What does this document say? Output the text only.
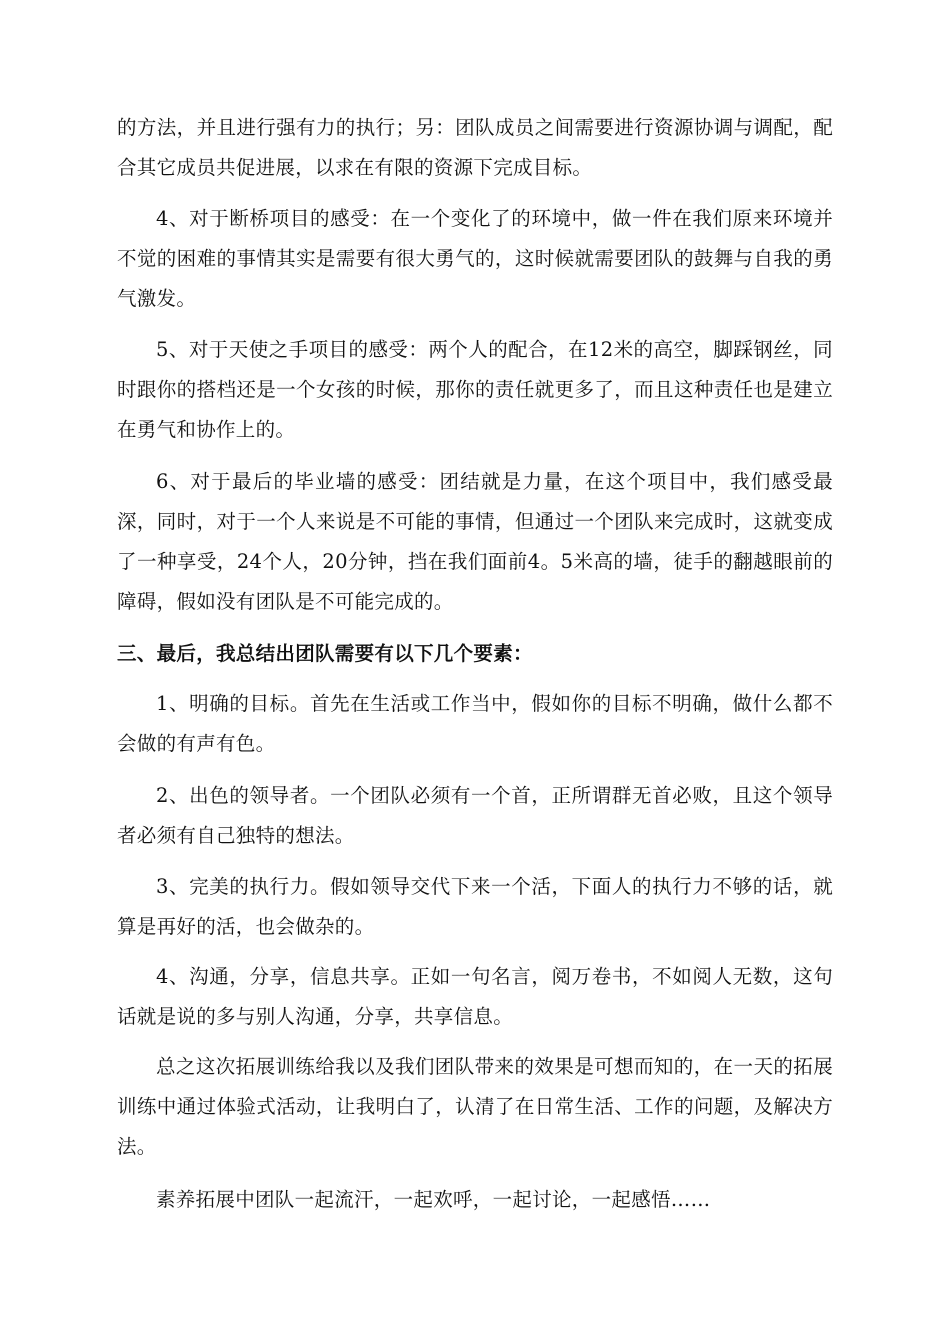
的方法，并且进行强有力的执行；另：团队成员之间需要进行资源协调与调配，配合其它成员共促进展，以求在有限的资源下完成目标。

4、对于断桥项目的感受：在一个变化了的环境中，做一件在我们原来环境并不觉的困难的事情其实是需要有很大勇气的，这时候就需要团队的鼓舞与自我的勇气激发。

5、对于天使之手项目的感受：两个人的配合，在12米的高空，脚踩钢丝，同时跟你的搭档还是一个女孩的时候，那你的责任就更多了，而且这种责任也是建立在勇气和协作上的。

6、对于最后的毕业墙的感受：团结就是力量，在这个项目中，我们感受最深，同时，对于一个人来说是不可能的事情，但通过一个团队来完成时，这就变成了一种享受，24个人，20分钟，挡在我们面前4。5米高的墙，徒手的翻越眼前的障碍，假如没有团队是不可能完成的。

三、最后，我总结出团队需要有以下几个要素：

1、明确的目标。首先在生活或工作当中，假如你的目标不明确，做什么都不会做的有声有色。

2、出色的领导者。一个团队必须有一个首，正所谓群无首必败，且这个领导者必须有自己独特的想法。

3、完美的执行力。假如领导交代下来一个活，下面人的执行力不够的话，就算是再好的活，也会做杂的。

4、沟通，分享，信息共享。正如一句名言，阅万卷书，不如阅人无数，这句话就是说的多与别人沟通，分享，共享信息。

总之这次拓展训练给我以及我们团队带来的效果是可想而知的，在一天的拓展训练中通过体验式活动，让我明白了，认清了在日常生活、工作的问题，及解决方法。

素养拓展中团队一起流汗，一起欢呼，一起讨论，一起感悟……
